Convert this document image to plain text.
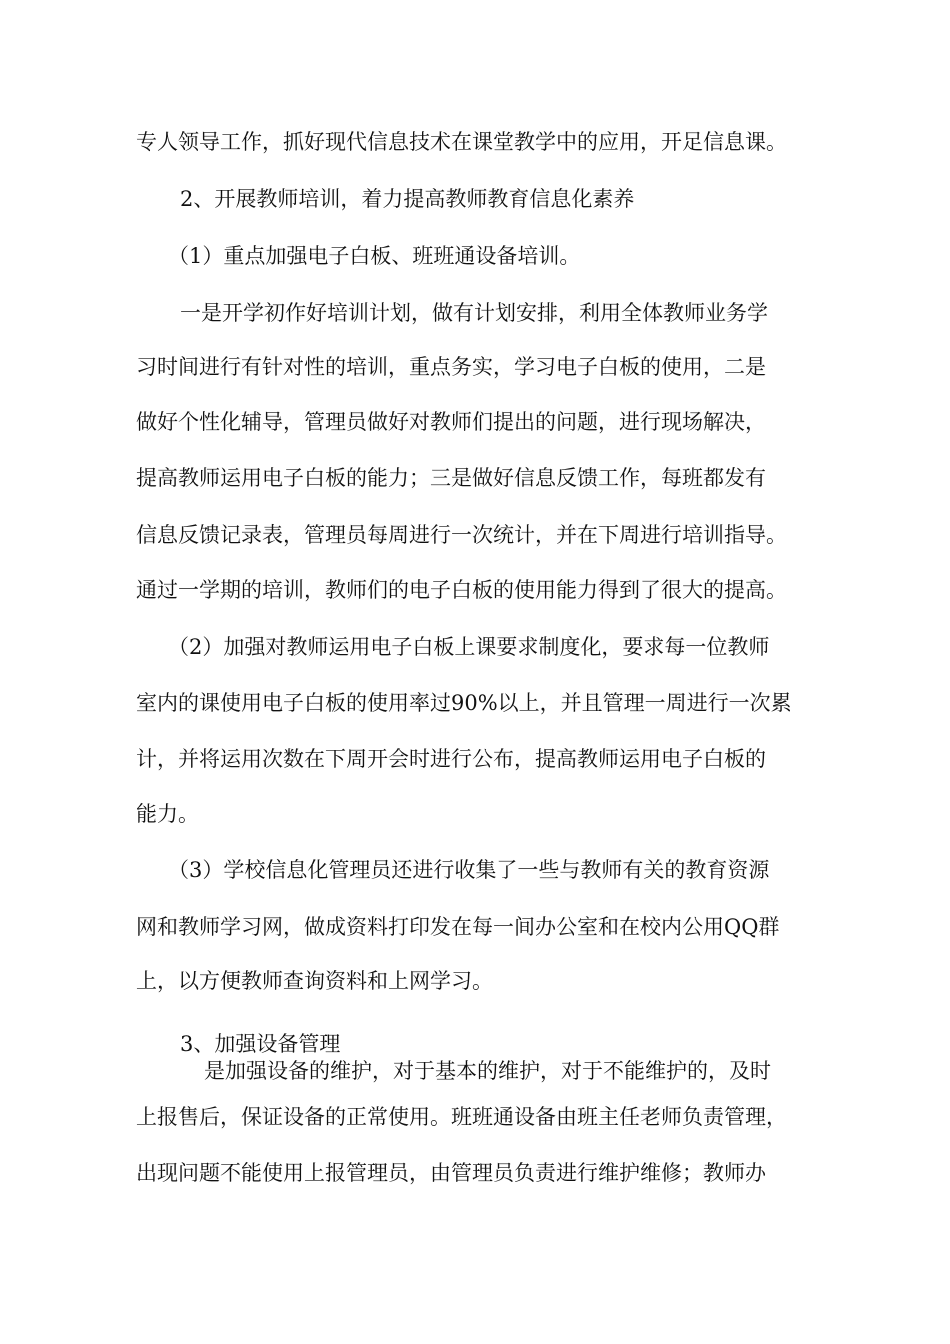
专人领导工作，抓好现代信息技术在课堂教学中的应用，开足信息课。

2、开展教师培训，着力提高教师教育信息化素养

（1）重点加强电子白板、班班通设备培训。

一是开学初作好培训计划，做有计划安排，利用全体教师业务学

习时间进行有针对性的培训，重点务实，学习电子白板的使用，二是

做好个性化辅导，管理员做好对教师们提出的问题，进行现场解决，

提高教师运用电子白板的能力；三是做好信息反馈工作，每班都发有

信息反馈记录表，管理员每周进行一次统计，并在下周进行培训指导。

通过一学期的培训，教师们的电子白板的使用能力得到了很大的提高。

（2）加强对教师运用电子白板上课要求制度化，要求每一位教师

室内的课使用电子白板的使用率过90%以上，并且管理一周进行一次累

计，并将运用次数在下周开会时进行公布，提高教师运用电子白板的

能力。

（3）学校信息化管理员还进行收集了一些与教师有关的教育资源

网和教师学习网，做成资料打印发在每一间办公室和在校内公用QQ群

上，以方便教师查询资料和上网学习。

3、加强设备管理

是加强设备的维护，对于基本的维护，对于不能维护的，及时

上报售后，保证设备的正常使用。班班通设备由班主任老师负责管理，

出现问题不能使用上报管理员，由管理员负责进行维护维修；教师办
